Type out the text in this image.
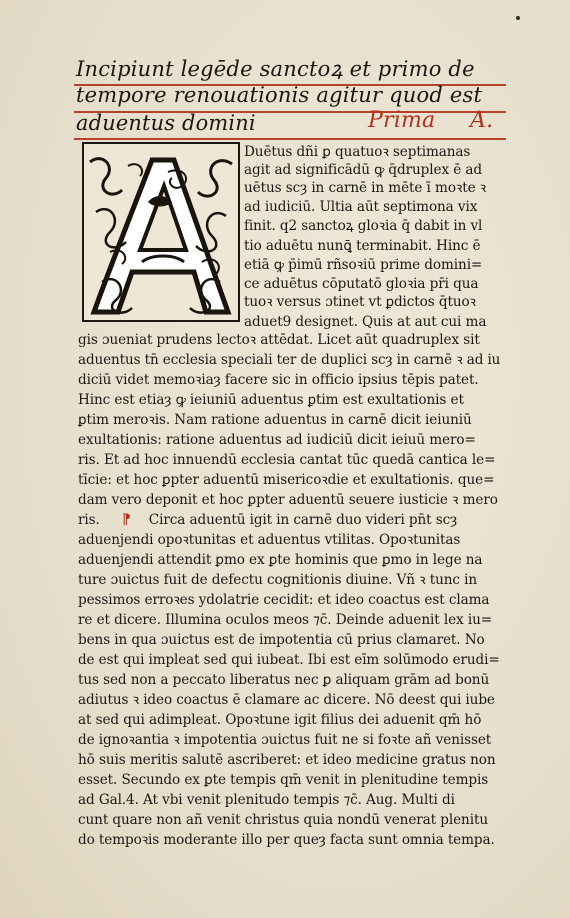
Incipiunt legēde sanctoꝝ et primo de
tempore renouationis agitur quod est
aduentus domini	Prima	A.
Duētus dñi ꝑ quatuoꝛ septimanas
agit ad significādū ꝙ q̄druplex ē ad
uētus scȝ in carnē in mēte ī moꝛte ꝛ
ad iudiciū. Ultia aūt septimona vix
finit. q2 sanctoꝝ gloꝛia q̄ dabit in vl
tio aduētu nunꝗ̄ terminabit. Hinc ē
etiā ꝙ p̄imū rñsoꝛiū prime domini=
ce aduētus cōputatō gloꝛia pr̄i qua
tuoꝛ versus ɔtinet vt ꝑdictos q̄tuoꝛ
aduet9 designet. Quis at aut cui ma
gis ɔueniat prudens lectoꝛ attēdat. Licet aūt quadruplex sit
aduentus tn̄ ecclesia speciali ter de duplici scȝ in carnē ꝛ ad iu
diciū videt memoꝛiaȝ facere sic in officio ipsius tēpis patet.
Hinc est etiaȝ ꝙ ieiuniū aduentus ꝑtim est exultationis et
ꝑtim meroꝛis. Nam ratione aduentus in carnē dicit ieiuniū
exultationis: ratione aduentus ad iudiciū dicit ieiuū mero=
ris. Et ad hoc innuendū ecclesia cantat tūc quedā cantica le=
tīcie: et hoc ꝑpter aduentū misericoꝛdie et exultationis. que=
dam vero deponit et hoc ꝑpter aduentū seuere iusticie ꝛ mero
ris. ⁋ Circa aduentū igit in carnē duo videri pn̄t scȝ
aduenjendi opoꝛtunitas et aduentus vtilitas. Opoꝛtunitas
aduenjendi attendit ꝑmo ex ꝑte hominis que ꝑmo in lege na
ture ɔuictus fuit de defectu cognitionis diuine. Vñ ꝛ tunc in
pessimos erroꝛes ydolatrie cecidit: et ideo coactus est clama
re et dicere. Illumina oculos meos ⁊c̄. Deinde aduenit lex iu=
bens in qua ɔuictus est de impotentia cū prius clamaret. No
de est qui impleat sed qui iubeat. Ibi est eīm solūmodo erudi=
tus sed non a peccato liberatus nec ꝑ aliquam grām ad bonū
adiutus ꝛ ideo coactus ē clamare ac dicere. Nō deest qui iube
at sed qui adimpleat. Opoꝛtune igit filius dei aduenit qm̄ hō
de ignoꝛantia ꝛ impotentia ɔuictus fuit ne si foꝛte añ venisset
hō suis meritis salutē ascriberet: et ideo medicine gratus non
esset. Secundo ex ꝑte tempis qm̄ venit in plenitudine tempis
ad Gal.4. At vbi venit plenitudo tempis ⁊c̄. Aug. Multi di
cunt quare non añ venit christus quia nondū venerat plenitu
do tempoꝛis moderante illo per queȝ facta sunt omnia tempa.
